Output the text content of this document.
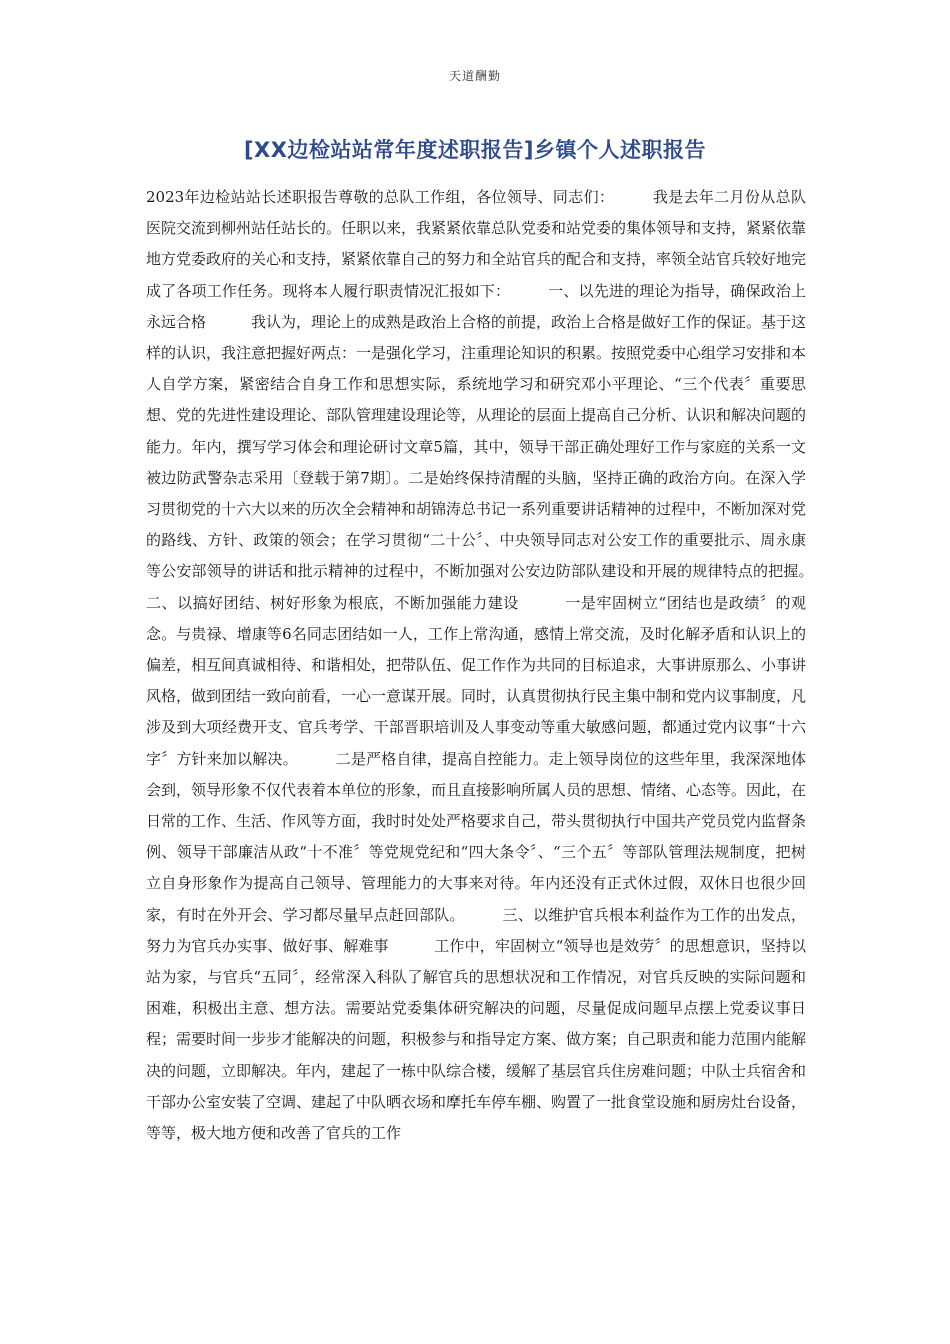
天道酬勤
[XX边检站站常年度述职报告]乡镇个人述职报告

2023年边检站站长述职报告尊敬的总队工作组，各位领导、同志们：　　　我是去年二月份从总队医院交流到柳州站任站长的。任职以来，我紧紧依靠总队党委和站党委的集体领导和支持，紧紧依靠地方党委政府的关心和支持，紧紧依靠自己的努力和全站官兵的配合和支持，率领全站官兵较好地完成了各项工作任务。现将本人履行职责情况汇报如下：　　　一、以先进的理论为指导，确保政治上永远合格　　　我认为，理论上的成熟是政治上合格的前提，政治上合格是做好工作的保证。基于这样的认识，我注意把握好两点：一是强化学习，注重理论知识的积累。按照党委中心组学习安排和本人自学方案，紧密结合自身工作和思想实际，系统地学习和研究邓小平理论、“三个代表〞重要思想、党的先进性建设理论、部队管理建设理论等，从理论的层面上提高自己分析、认识和解决问题的能力。年内，撰写学习体会和理论研讨文章5篇，其中，领导干部正确处理好工作与家庭的关系一文被边防武警杂志采用〔登载于第7期〕。二是始终保持清醒的头脑，坚持正确的政治方向。在深入学习贯彻党的十六大以来的历次全会精神和胡锦涛总书记一系列重要讲话精神的过程中，不断加深对党的路线、方针、政策的领会；在学习贯彻“二十公〞、中央领导同志对公安工作的重要批示、周永康等公安部领导的讲话和批示精神的过程中，不断加强对公安边防部队建设和开展的规律特点的把握。　　　二、以搞好团结、树好形象为根底，不断加强能力建设　　　一是牢固树立“团结也是政绩〞的观念。与贵禄、增康等6名同志团结如一人，工作上常沟通，感情上常交流，及时化解矛盾和认识上的偏差，相互间真诚相待、和谐相处，把带队伍、促工作作为共同的目标追求，大事讲原那么、小事讲风格，做到团结一致向前看，一心一意谋开展。同时，认真贯彻执行民主集中制和党内议事制度，凡涉及到大项经费开支、官兵考学、干部晋职培训及人事变动等重大敏感问题，都通过党内议事“十六字〞方针来加以解决。　　　二是严格自律，提高自控能力。走上领导岗位的这些年里，我深深地体会到，领导形象不仅代表着本单位的形象，而且直接影响所属人员的思想、情绪、心态等。因此，在日常的工作、生活、作风等方面，我时时处处严格要求自己，带头贯彻执行中国共产党员党内监督条例、领导干部廉洁从政“十不准〞等党规党纪和“四大条令〞、“三个五〞等部队管理法规制度，把树立自身形象作为提高自己领导、管理能力的大事来对待。年内还没有正式休过假，双休日也很少回家，有时在外开会、学习都尽量早点赶回部队。　　　三、以维护官兵根本利益作为工作的出发点，努力为官兵办实事、做好事、解难事　　　工作中，牢固树立“领导也是效劳〞的思想意识，坚持以站为家，与官兵“五同〞，经常深入科队了解官兵的思想状况和工作情况，对官兵反映的实际问题和困难，积极出主意、想方法。需要站党委集体研究解决的问题，尽量促成问题早点摆上党委议事日程；需要时间一步步才能解决的问题，积极参与和指导定方案、做方案；自己职责和能力范围内能解决的问题，立即解决。年内，建起了一栋中队综合楼，缓解了基层官兵住房难问题；中队士兵宿舍和干部办公室安装了空调、建起了中队晒衣场和摩托车停车棚、购置了一批食堂设施和厨房灶台设备，等等，极大地方便和改善了官兵的工作
